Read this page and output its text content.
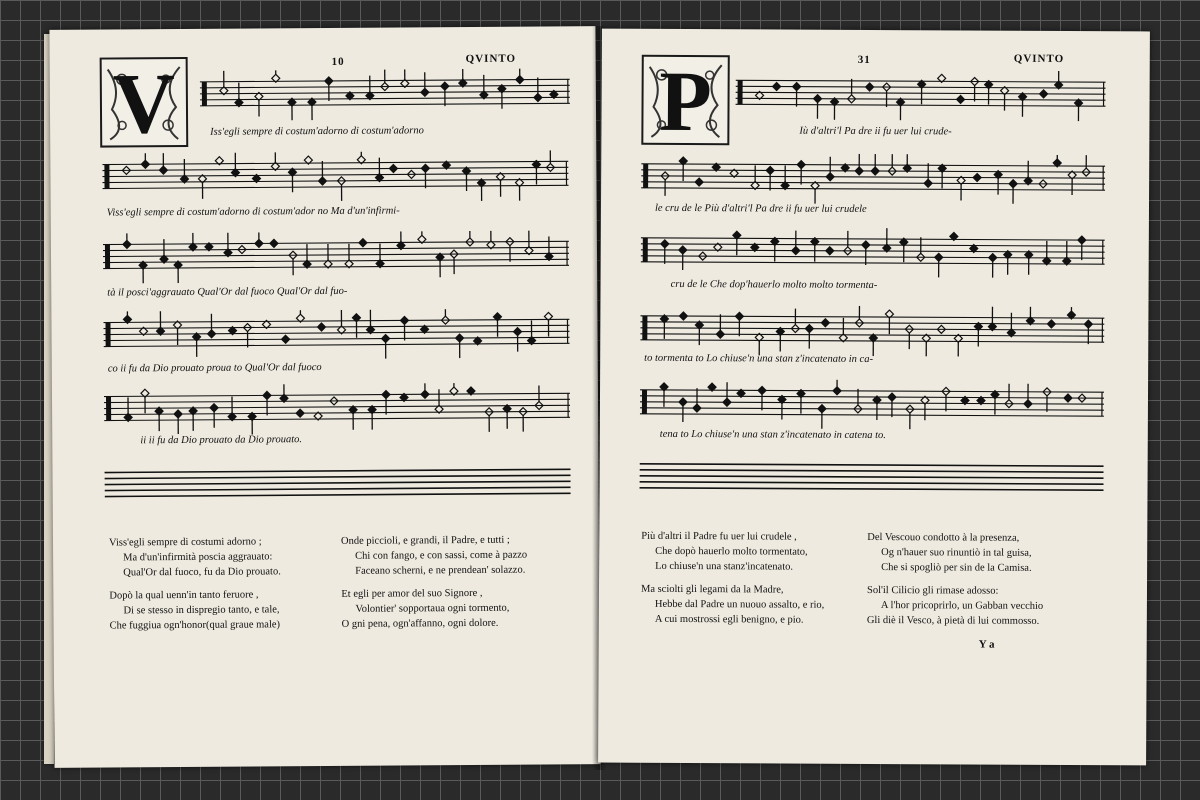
10	QVINTO
V	Iss'egli sempre di costum'adorno di costum'adorno
Viss'egli sempre di costum'adorno di costum'ador no Ma d'un'infirmi-
tà il posci'aggrauato Qual'Or dal fuoco Qual'Or dal fuo-
co ii fu da Dio prouato proua to Qual'Or dal fuoco
ii ii fu da Dio prouato da Dio prouato.
Viss'egli sempre di costumi adorno ;
Ma d'un'infirmità poscia aggrauato:
Qual'Or dal fuoco, fu da Dio prouato.
Dopò la qual uenn'in tanto feruore ,
Di se stesso in dispregio tanto, e tale,
Che fuggiua ogn'honor(qual graue male)
Onde piccioli, e grandi, il Padre, e tutti ;
Chi con fango, e con sassi, come à pazzo
Faceano scherni, e ne prendean' solazzo.
Et egli per amor del suo Signore ,
Volontier' sopportaua ogni tormento,
O gni pena, ogn'affanno, ogni dolore.
31	QVINTO
P	Iù d'altri'l Pa dre ii fu uer lui crude-
le cru de le Più d'altri'l Pa dre ii fu uer lui crudele
cru de le Che dop'hauerlo molto molto tormenta-
to tormenta to Lo chiuse'n una stan z'incatenato in ca-
tena to Lo chiuse'n una stan z'incatenato in catena to.
Più d'altri il Padre fu uer lui crudele ,
Che dopò hauerlo molto tormentato,
Lo chiuse'n una stanz'incatenato.
Ma sciolti gli legami da la Madre,
Hebbe dal Padre un nuouo assalto, e rio,
A cui mostrossi egli benigno, e pio.
Del Vescouo condotto à la presenza,
Og n'hauer suo rinuntiò in tal guisa,
Che si spogliò per sin de la Camisa.
Sol'il Cilicio gli rimase adosso:
A l'hor pricoprirlo, un Gabban vecchio
Gli diè il Vesco, à pietà di lui commosso.
Y a
